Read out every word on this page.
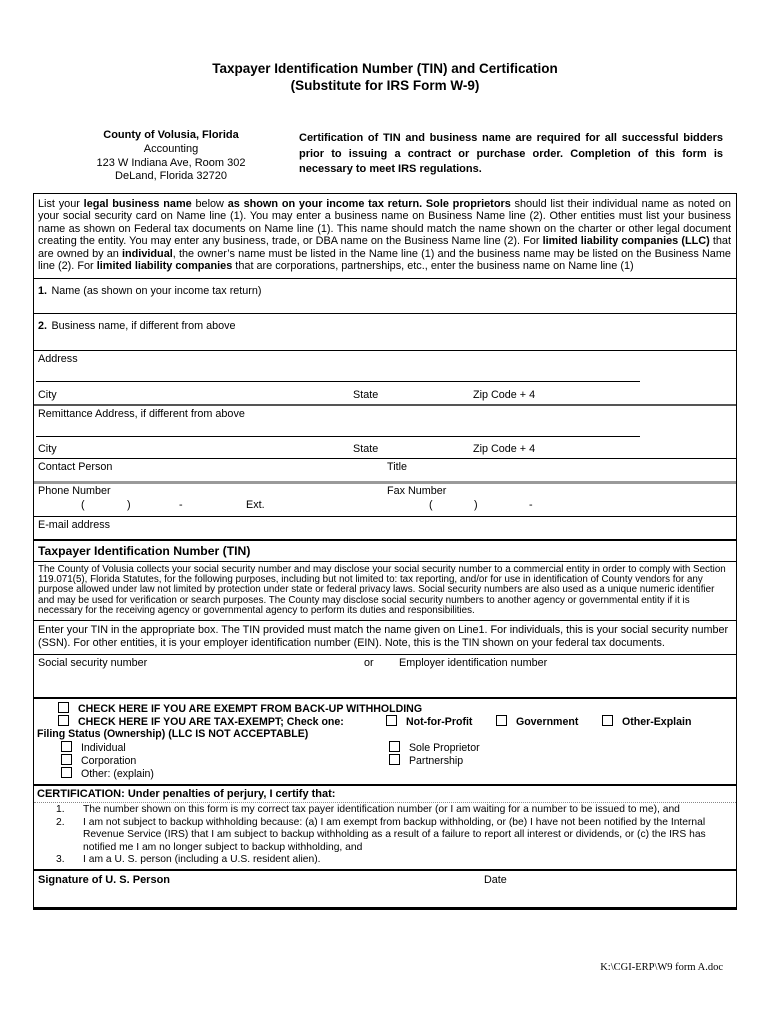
Taxpayer Identification Number (TIN) and Certification
(Substitute for IRS Form W-9)
County of Volusia, Florida
Accounting
123 W Indiana Ave, Room 302
DeLand, Florida 32720
Certification of TIN and business name are required for all successful bidders prior to issuing a contract or purchase order. Completion of this form is necessary to meet IRS regulations.
List your legal business name below as shown on your income tax return. Sole proprietors should list their individual name as noted on your social security card on Name line (1). You may enter a business name on Business Name line (2). Other entities must list your business name as shown on Federal tax documents on Name line (1). This name should match the name shown on the charter or other legal document creating the entity. You may enter any business, trade, or DBA name on the Business Name line (2). For limited liability companies (LLC) that are owned by an individual, the owner’s name must be listed in the Name line (1) and the business name may be listed on the Business Name line (2). For limited liability companies that are corporations, partnerships, etc., enter the business name on Name line (1)
1. Name (as shown on your income tax return)
2. Business name, if different from above
Address
City	State	Zip Code + 4
Remittance Address, if different from above
City	State	Zip Code + 4
Contact Person	Title
Phone Number	Fax Number
(	)	-	Ext.	(	)	-
E-mail address
Taxpayer Identification Number (TIN)
The County of Volusia collects your social security number and may disclose your social security number to a commercial entity in order to comply with Section 119.071(5), Florida Statutes, for the following purposes, including but not limited to: tax reporting, and/or for use in identification of County vendors for any purpose allowed under law not limited by protection under state or federal privacy laws. Social security numbers are also used as a unique numeric identifier and may be used for verification or search purposes. The County may disclose social security numbers to another agency or governmental entity if it is necessary for the receiving agency or governmental agency to perform its duties and responsibilities.
Enter your TIN in the appropriate box. The TIN provided must match the name given on Line1. For individuals, this is your social security number (SSN). For other entities, it is your employer identification number (EIN). Note, this is the TIN shown on your federal tax documents.
Social security number	or Employer identification number
CHECK HERE IF YOU ARE EXEMPT FROM BACK-UP WITHHOLDING
CHECK HERE IF YOU ARE TAX-EXEMPT; Check one:	Not-for-Profit	Government	Other-Explain
Filing Status (Ownership) (LLC IS NOT ACCEPTABLE)
Individual	Sole Proprietor
Corporation	Partnership
Other: (explain)
CERTIFICATION: Under penalties of perjury, I certify that:
1. The number shown on this form is my correct tax payer identification number (or I am waiting for a number to be issued to me), and
2. I am not subject to backup withholding because: (a) I am exempt from backup withholding, or (be) I have not been notified by the Internal Revenue Service (IRS) that I am subject to backup withholding as a result of a failure to report all interest or dividends, or (c) the IRS has notified me I am no longer subject to backup withholding, and
3. I am a U. S. person (including a U.S. resident alien).
Signature of U. S. Person	Date
K:\CGI-ERP\W9 form A.doc
